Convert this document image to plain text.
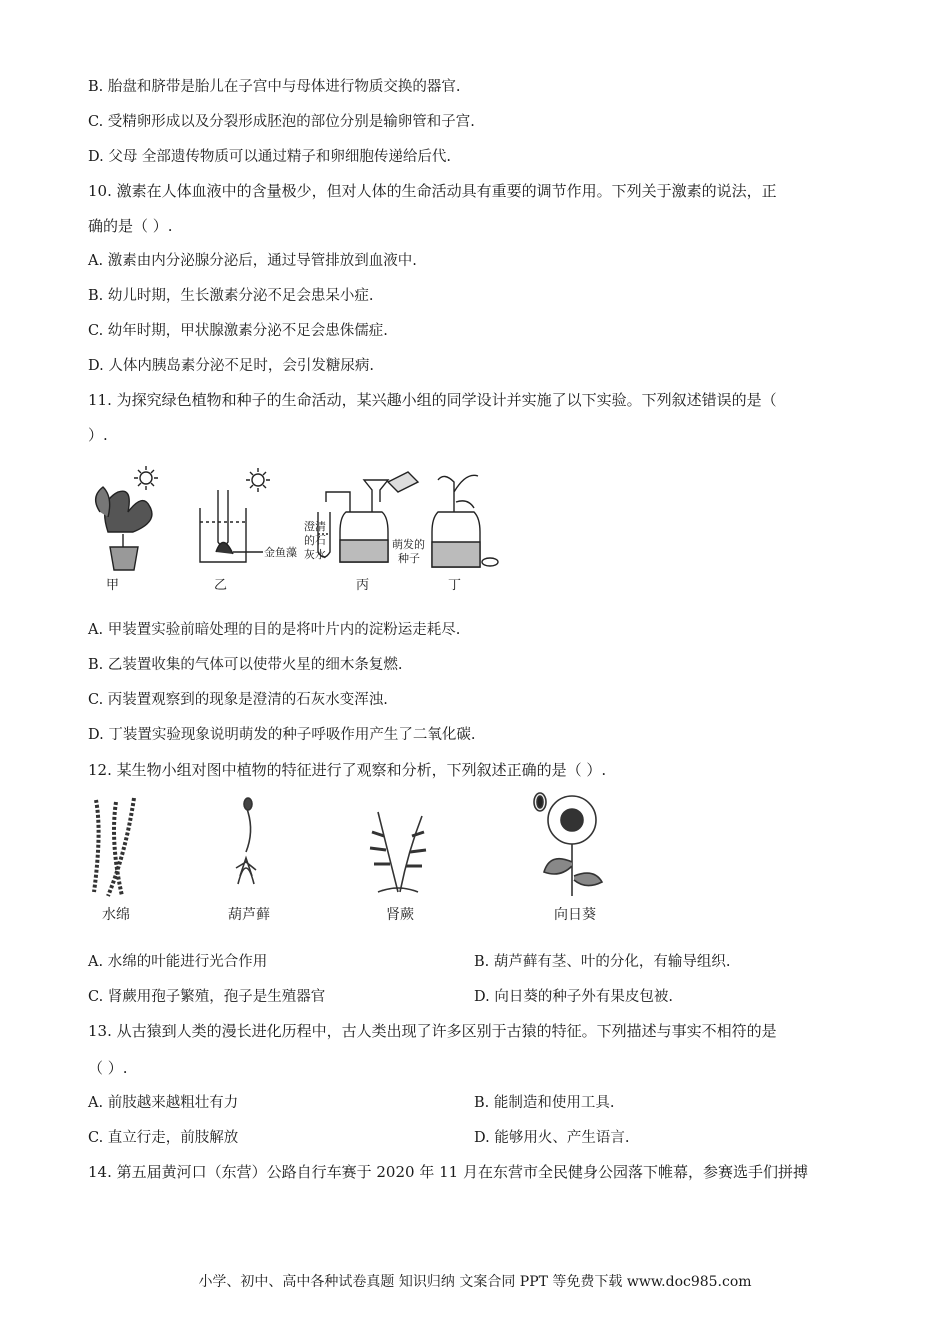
B. 胎盘和脐带是胎儿在子宫中与母体进行物质交换的器官.
C. 受精卵形成以及分裂形成胚泡的部位分别是输卵管和子宫.
D. 父母 全部遗传物质可以通过精子和卵细胞传递给后代.
10. 激素在人体血液中的含量极少，但对人体的生命活动具有重要的调节作用。下列关于激素的说法，正
确的是（ ）.
A. 激素由内分泌腺分泌后，通过导管排放到血液中.
B. 幼儿时期，生长激素分泌不足会患呆小症.
C. 幼年时期，甲状腺激素分泌不足会患侏儒症.
D. 人体内胰岛素分泌不足时，会引发糖尿病.
11. 为探究绿色植物和种子的生命活动，某兴趣小组的同学设计并实施了以下实验。下列叙述错误的是（
）.
甲	乙	丙	丁
金鱼藻
澄清
的石
灰水
萌发的
种子
A. 甲装置实验前暗处理的目的是将叶片内的淀粉运走耗尽.
B. 乙装置收集的气体可以使带火星的细木条复燃.
C. 丙装置观察到的现象是澄清的石灰水变浑浊.
D. 丁装置实验现象说明萌发的种子呼吸作用产生了二氧化碳.
12. 某生物小组对图中植物的特征进行了观察和分析，下列叙述正确的是（ ）.
水绵	葫芦藓	肾蕨	向日葵
A. 水绵的叶能进行光合作用	B. 葫芦藓有茎、叶的分化，有输导组织.
C. 肾蕨用孢子繁殖，孢子是生殖器官	D. 向日葵的种子外有果皮包被.
13. 从古猿到人类的漫长进化历程中，古人类出现了许多区别于古猿的特征。下列描述与事实不相符的是
（ ）.
A. 前肢越来越粗壮有力	B. 能制造和使用工具.
C. 直立行走，前肢解放	D. 能够用火、产生语言.
14. 第五届黄河口（东营）公路自行车赛于 2020 年 11 月在东营市全民健身公园落下帷幕，参赛选手们拼搏
小学、初中、高中各种试卷真题 知识归纳 文案合同 PPT 等免费下载 www.doc985.com
